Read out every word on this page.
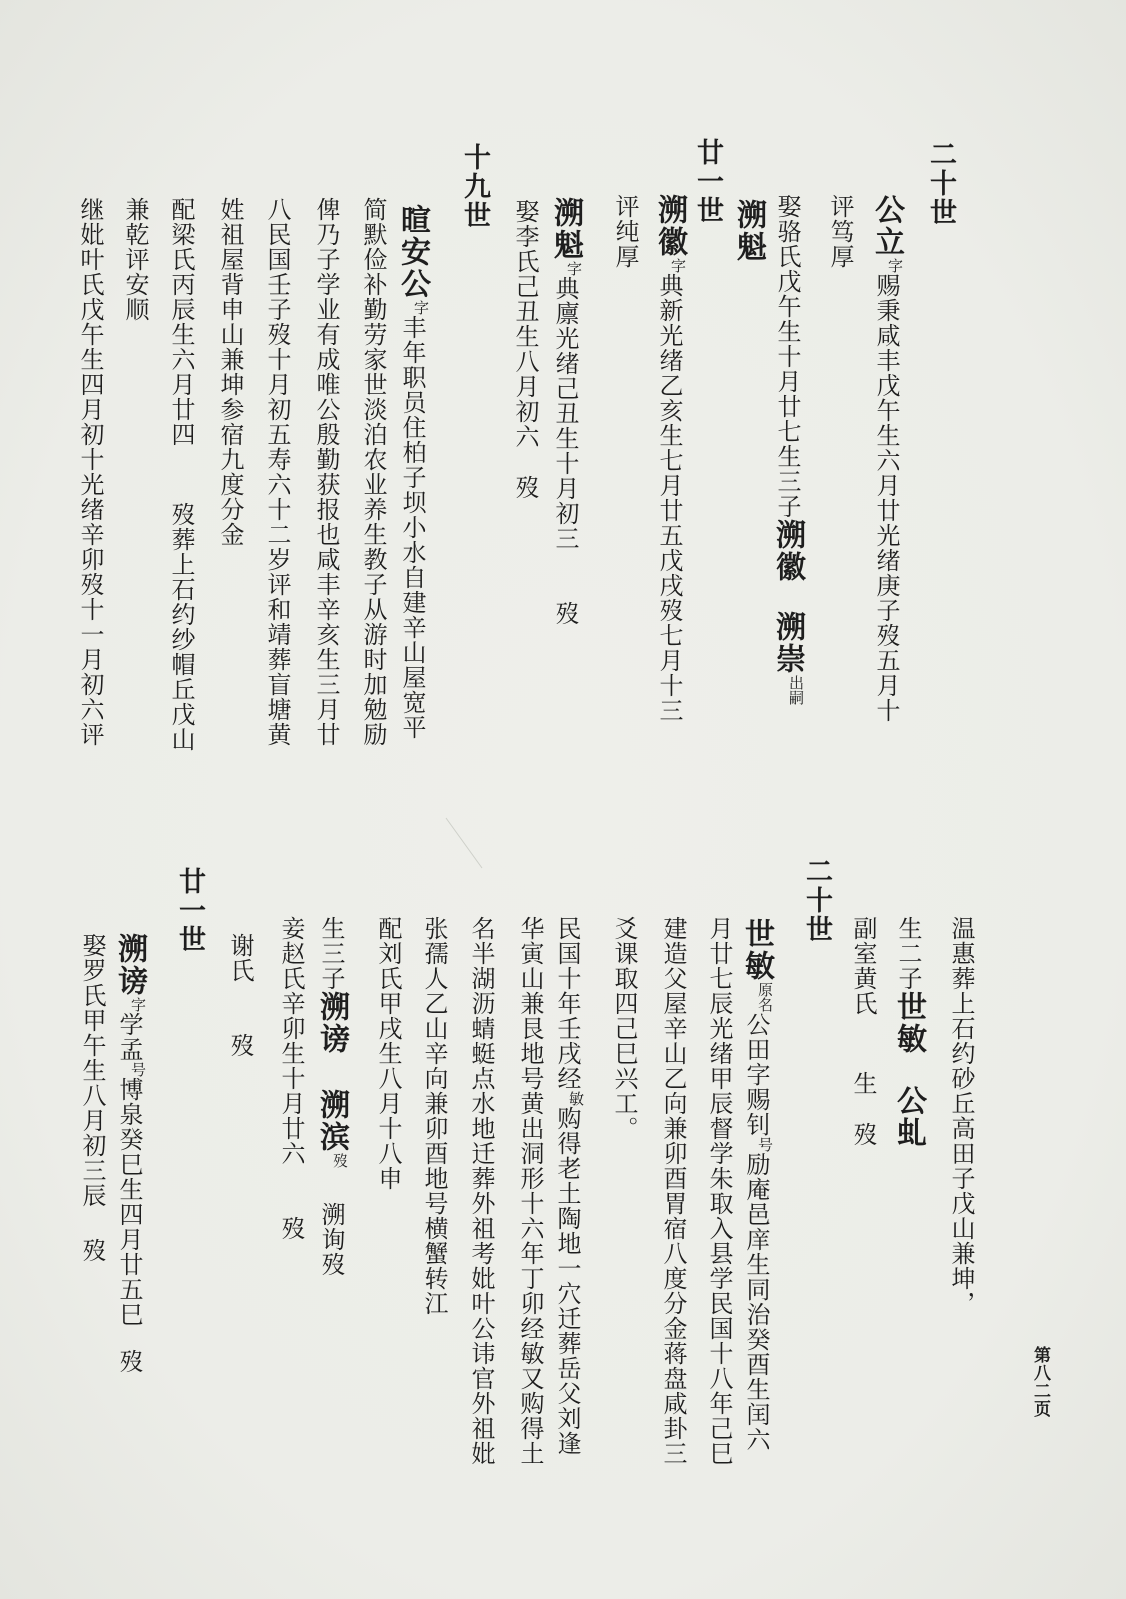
二十世
公立$^字$赐秉咸丰戊午生六月廿光绪庚子歿五月十
评笃厚
娶骆氏戊午生十月廿七生三子溯徽溯崇$^{出嗣}$
溯魁
廿一世
溯徽$^字$典新光绪乙亥生七月廿五戊戌歿七月十三
评纯厚
溯魁$^字$典廪光绪己丑生十月初三歿
娶李氏己丑生八月初六歿
十九世
暄安公$^字$丰年职员住柏子坝小水自建辛山屋宽平
简默俭补勤劳家世淡泊农业养生教子从游时加勉励
俾乃子学业有成唯公殷勤获报也咸丰辛亥生三月廿
八民国壬子歿十月初五寿六十二岁评和靖葬盲塘黄
姓祖屋背申山兼坤参宿九度分金
配梁氏丙辰生六月廿四歿葬上石约纱帽丘戊山
兼乾评安顺
继妣叶氏戊午生四月初十光绪辛卯歿十一月初六评
第八二页
温惠葬上石约砂丘高田子戊山兼坤，
生二子世敏公虬
副室黄氏生歿
二十世
世敏$^{原名}$公田字赐钊$^号$励庵邑庠生同治癸酉生闰六
月廿七辰光绪甲辰督学朱取入县学民国十八年己巳
建造父屋辛山乙向兼卯酉胃宿八度分金蒋盘咸卦三
爻课取四己巳兴工。
民国十年壬戌经$^敏$购得老土陶地一穴迁葬岳父刘逢
华寅山兼艮地号黄出洞形十六年丁卯经敏又购得土
名半湖沥蜻蜓点水地迁葬外祖考妣叶公讳官外祖妣
张孺人乙山辛向兼卯酉地号横蟹转江
配刘氏甲戌生八月十八申
生三子溯谤溯滨$^歿$溯询歿
妾赵氏辛卯生十月廿六歿
谢氏歿
廿一世
溯谤$^字$学孟$^号$博泉癸巳生四月廿五巳歿
娶罗氏甲午生八月初三辰歿
